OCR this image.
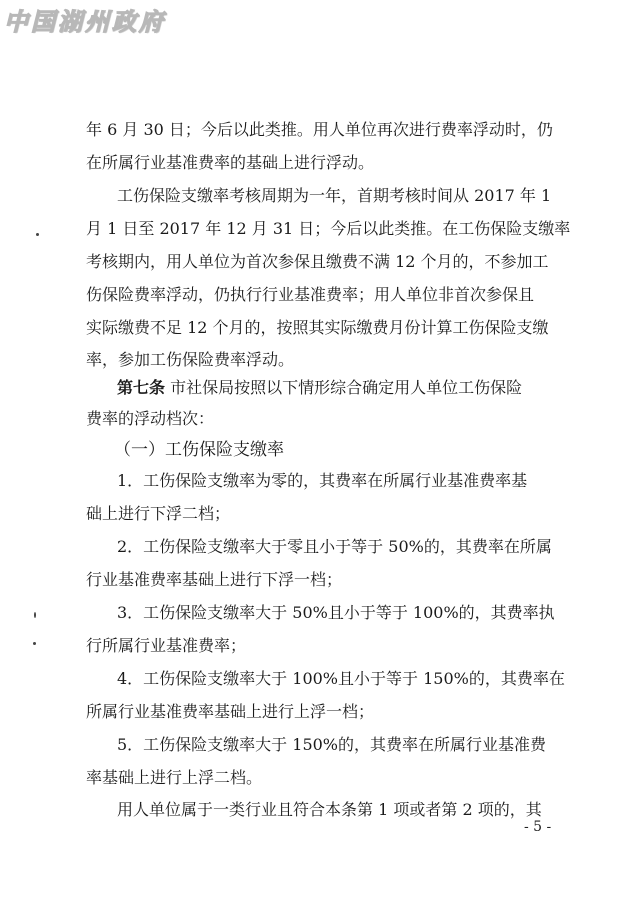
中国湖州政府
年 6 月 30 日；今后以此类推。用人单位再次进行费率浮动时，仍
在所属行业基准费率的基础上进行浮动。
工伤保险支缴率考核周期为一年，首期考核时间从 2017 年 1
月 1 日至 2017 年 12 月 31 日；今后以此类推。在工伤保险支缴率
考核期内，用人单位为首次参保且缴费不满 12 个月的，不参加工
伤保险费率浮动，仍执行行业基准费率；用人单位非首次参保且
实际缴费不足 12 个月的，按照其实际缴费月份计算工伤保险支缴
率，参加工伤保险费率浮动。
第七条 市社保局按照以下情形综合确定用人单位工伤保险
费率的浮动档次：
（一）工伤保险支缴率
1．工伤保险支缴率为零的，其费率在所属行业基准费率基
础上进行下浮二档；
2．工伤保险支缴率大于零且小于等于 50%的，其费率在所属
行业基准费率基础上进行下浮一档；
3．工伤保险支缴率大于 50%且小于等于 100%的，其费率执
行所属行业基准费率；
4．工伤保险支缴率大于 100%且小于等于 150%的，其费率在
所属行业基准费率基础上进行上浮一档；
5．工伤保险支缴率大于 150%的，其费率在所属行业基准费
率基础上进行上浮二档。
用人单位属于一类行业且符合本条第 1 项或者第 2 项的，其
- 5 -
